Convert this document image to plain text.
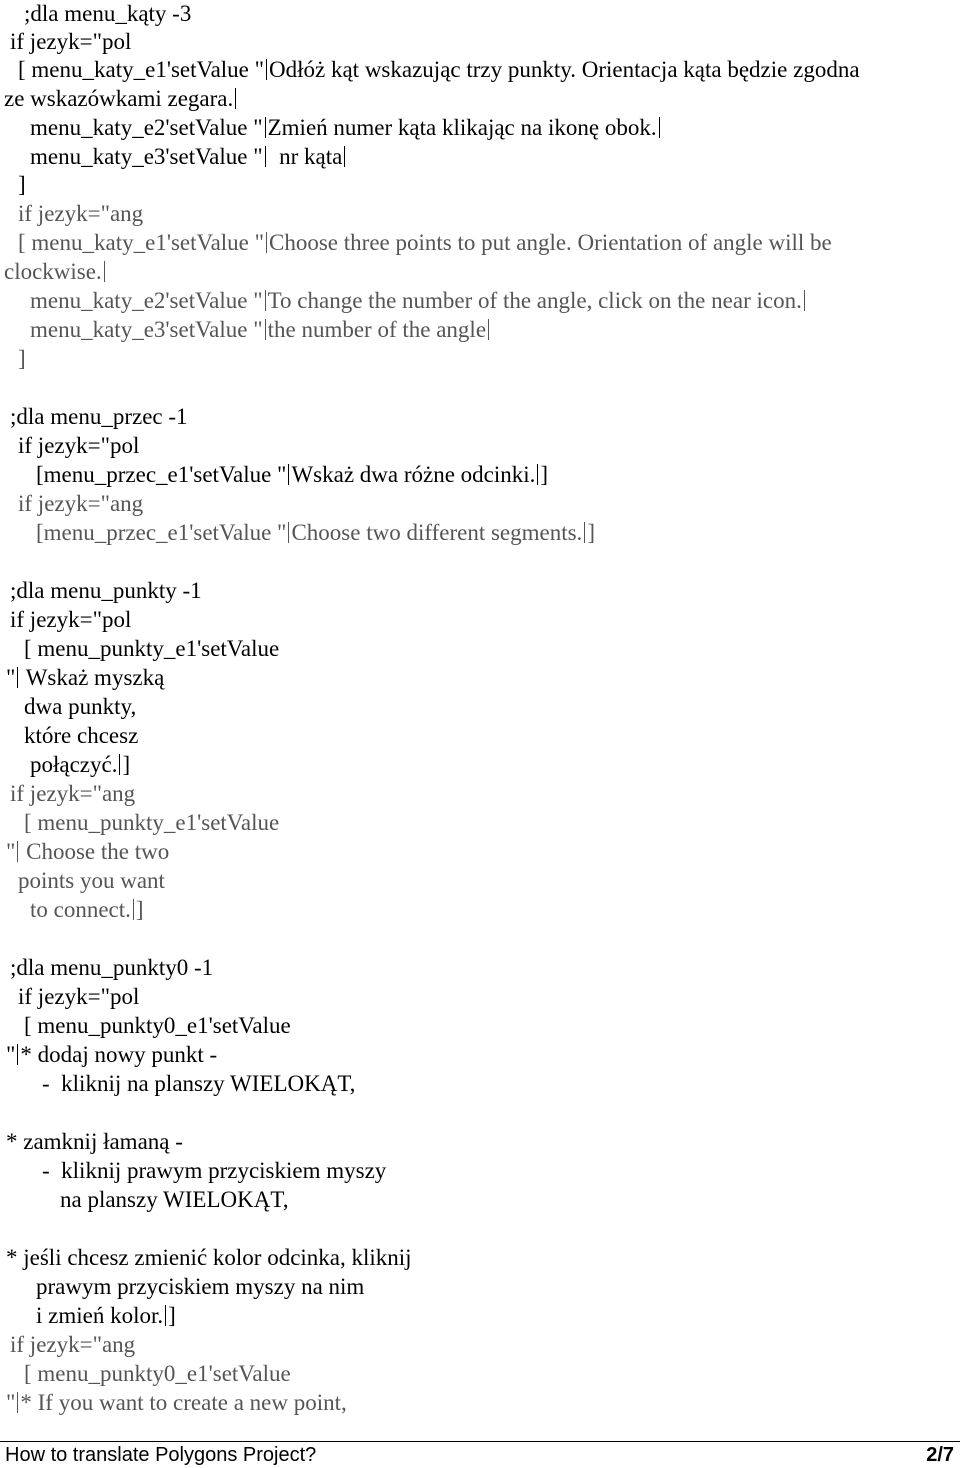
;dla menu_kąty -3
if jezyk="pol
[ menu_katy_e1'setValue " Odłóż kąt wskazując trzy punkty. Orientacja kąta będzie zgodna
ze wskazówkami zegara.
menu_katy_e2'setValue " Zmień numer kąta klikając na ikonę obok.
menu_katy_e3'setValue "  nr kąta
]
if jezyk="ang
[ menu_katy_e1'setValue " Choose three points to put angle. Orientation of angle will be
clockwise.
menu_katy_e2'setValue " To change the number of the angle, click on the near icon.
menu_katy_e3'setValue " the number of the angle
]
;dla menu_przec -1
if jezyk="pol
[menu_przec_e1'setValue " Wskaż dwa różne odcinki. ]
if jezyk="ang
[menu_przec_e1'setValue " Choose two different segments. ]
;dla menu_punkty -1
if jezyk="pol
[ menu_punkty_e1'setValue
" Wskaż myszką
dwa punkty,
które chcesz
połączyć. ]
if jezyk="ang
[ menu_punkty_e1'setValue
" Choose the two
points you want
to connect. ]
;dla menu_punkty0 -1
if jezyk="pol
[ menu_punkty0_e1'setValue
" * dodaj nowy punkt -
-  kliknij na planszy WIELOKĄT,
* zamknij łamaną -
-  kliknij prawym przyciskiem myszy
na planszy WIELOKĄT,
* jeśli chcesz zmienić kolor odcinka, kliknij
prawym przyciskiem myszy na nim
i zmień kolor. ]
if jezyk="ang
[ menu_punkty0_e1'setValue
" * If you want to create a new point,
How to translate Polygons Project?	2/7
